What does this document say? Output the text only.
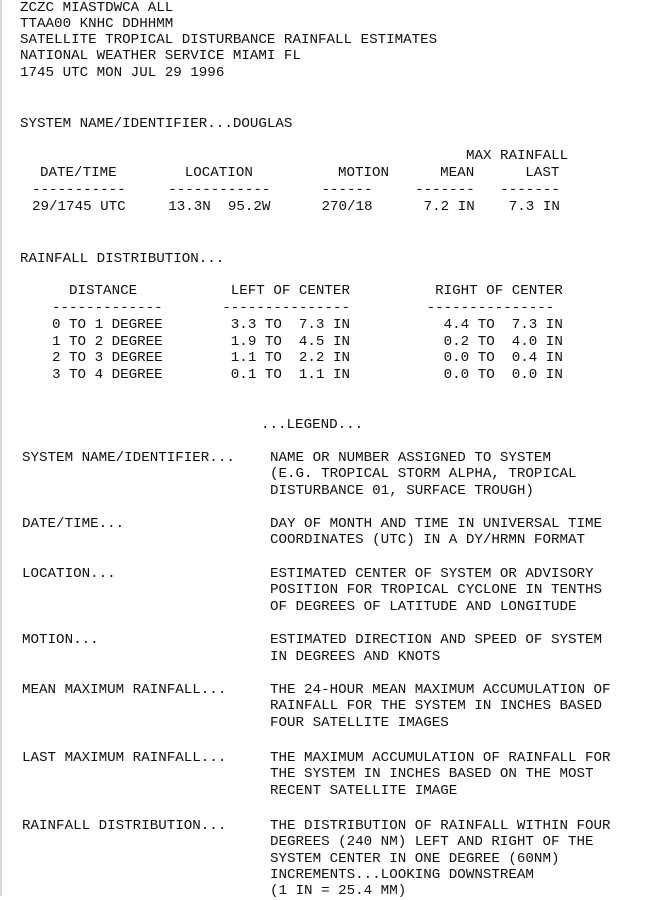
ZCZC MIASTDWCA ALL
TTAA00 KNHC DDHHMM
SATELLITE TROPICAL DISTURBANCE RAINFALL ESTIMATES
NATIONAL WEATHER SERVICE MIAMI FL
1745 UTC MON JUL 29 1996
SYSTEM NAME/IDENTIFIER...DOUGLAS
MAX RAINFALL
DATE/TIME        LOCATION          MOTION      MEAN      LAST
-----------     ------------      ------     -------   -------
29/1745 UTC     13.3N  95.2W      270/18      7.2 IN    7.3 IN
RAINFALL DISTRIBUTION...
DISTANCE           LEFT OF CENTER          RIGHT OF CENTER
-------------       ---------------         ---------------
0 TO 1 DEGREE        3.3 TO  7.3 IN           4.4 TO  7.3 IN
1 TO 2 DEGREE        1.9 TO  4.5 IN           0.2 TO  4.0 IN
2 TO 3 DEGREE        1.1 TO  2.2 IN           0.0 TO  0.4 IN
3 TO 4 DEGREE        0.1 TO  1.1 IN           0.0 TO  0.0 IN
...LEGEND...
SYSTEM NAME/IDENTIFIER... NAME OR NUMBER ASSIGNED TO SYSTEM
(E.G. TROPICAL STORM ALPHA, TROPICAL
DISTURBANCE 01, SURFACE TROUGH)
DATE/TIME...	DAY OF MONTH AND TIME IN UNIVERSAL TIME
COORDINATES (UTC) IN A DY/HRMN FORMAT
LOCATION...	ESTIMATED CENTER OF SYSTEM OR ADVISORY
POSITION FOR TROPICAL CYCLONE IN TENTHS
OF DEGREES OF LATITUDE AND LONGITUDE
MOTION...	ESTIMATED DIRECTION AND SPEED OF SYSTEM
IN DEGREES AND KNOTS
MEAN MAXIMUM RAINFALL...	THE 24-HOUR MEAN MAXIMUM ACCUMULATION OF
RAINFALL FOR THE SYSTEM IN INCHES BASED
FOUR SATELLITE IMAGES
LAST MAXIMUM RAINFALL...	THE MAXIMUM ACCUMULATION OF RAINFALL FOR
THE SYSTEM IN INCHES BASED ON THE MOST
RECENT SATELLITE IMAGE
RAINFALL DISTRIBUTION...	THE DISTRIBUTION OF RAINFALL WITHIN FOUR
DEGREES (240 NM) LEFT AND RIGHT OF THE
SYSTEM CENTER IN ONE DEGREE (60NM)
INCREMENTS...LOOKING DOWNSTREAM
(1 IN = 25.4 MM)
